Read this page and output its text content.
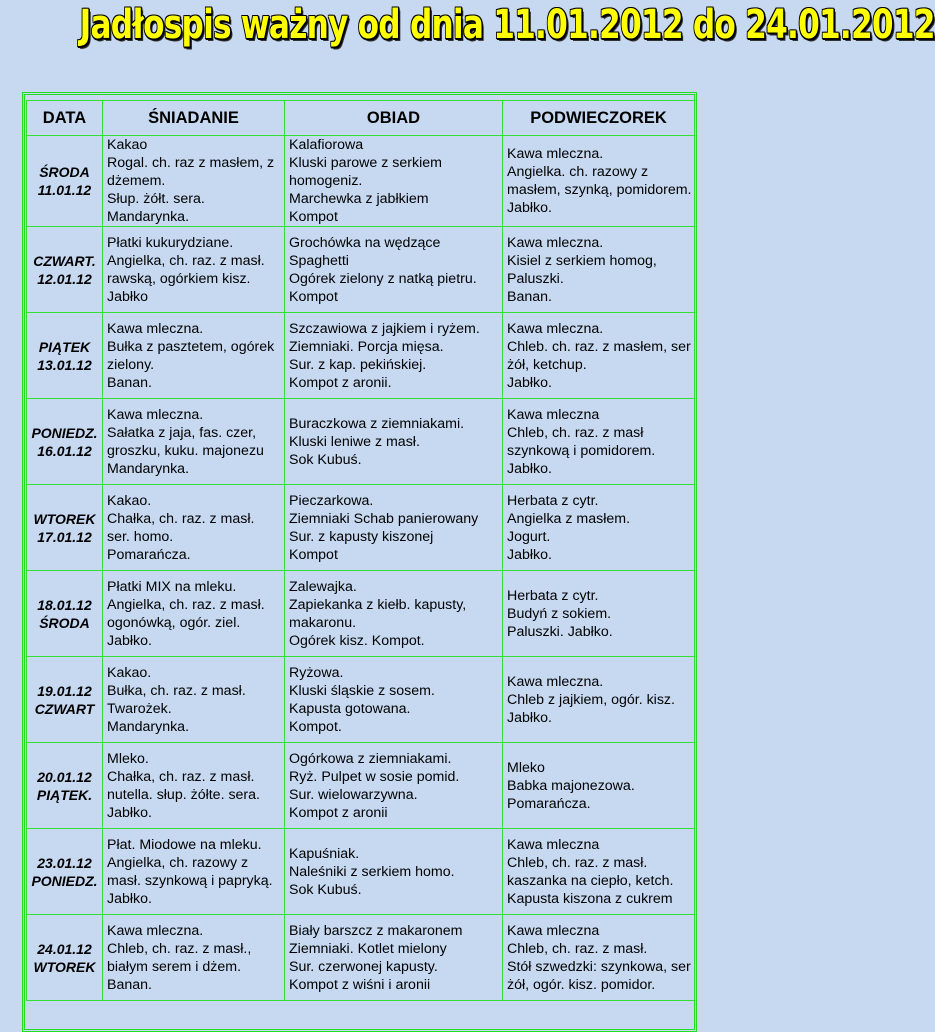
Jadłospis ważny od dnia 11.01.2012 do 24.01.2012
DATA	ŚNIADANIE	OBIAD	PODWIECZOREK
ŚRODA
11.01.12	Kakao
Rogal. ch. raz z masłem, z dżemem.
Słup. żółt. sera.
Mandarynka.	Kalafiorowa
Kluski parowe z serkiem homogeniz.
Marchewka z jabłkiem
Kompot	Kawa mleczna.
Angielka. ch. razowy z masłem, szynką, pomidorem.
Jabłko.
CZWART.
12.01.12	Płatki kukurydziane.
Angielka, ch. raz. z masł. rawską, ogórkiem kisz.
Jabłko	Grochówka na wędzące
Spaghetti
Ogórek zielony z natką pietru.
Kompot	Kawa mleczna.
Kisiel z serkiem homog,
Paluszki.
Banan.
PIĄTEK
13.01.12	Kawa mleczna.
Bułka z pasztetem, ogórek zielony.
Banan.	Szczawiowa z jajkiem i ryżem.
Ziemniaki. Porcja mięsa.
Sur. z kap. pekińskiej.
Kompot z aronii.	Kawa mleczna.
Chleb. ch. raz. z masłem, ser żół, ketchup.
Jabłko.
PONIEDZ.
16.01.12	Kawa mleczna.
Sałatka z jaja, fas. czer, groszku, kuku. majonezu
Mandarynka.	Buraczkowa z ziemniakami.
Kluski leniwe z masł.
Sok Kubuś.	Kawa mleczna
Chleb, ch. raz. z masł szynkową i pomidorem.
Jabłko.
WTOREK
17.01.12	Kakao.
Chałka, ch. raz. z masł.
ser. homo.
Pomarańcza.	Pieczarkowa.
Ziemniaki Schab panierowany
Sur. z kapusty kiszonej
Kompot	Herbata z cytr.
Angielka z masłem.
Jogurt.
Jabłko.
18.01.12
ŚRODA	Płatki MIX na mleku.
Angielka, ch. raz. z masł.
ogonówką, ogór. ziel.
Jabłko.	Zalewajka.
Zapiekanka z kiełb. kapusty, makaronu.
Ogórek kisz. Kompot.	Herbata z cytr.
Budyń z sokiem.
Paluszki. Jabłko.
19.01.12
CZWART	Kakao.
Bułka, ch. raz. z masł.
Twarożek.
Mandarynka.	Ryżowa.
Kluski śląskie z sosem.
Kapusta gotowana.
Kompot.	Kawa mleczna.
Chleb z jajkiem, ogór. kisz.
Jabłko.
20.01.12
PIĄTEK.	Mleko.
Chałka, ch. raz. z masł.
nutella. słup. żółte. sera.
Jabłko.	Ogórkowa z ziemniakami.
Ryż. Pulpet w sosie pomid.
Sur. wielowarzywna.
Kompot z aronii	Mleko
Babka majonezowa.
Pomarańcza.
23.01.12
PONIEDZ.	Płat. Miodowe na mleku.
Angielka, ch. razowy z masł. szynkową i papryką. Jabłko.	Kapuśniak.
Naleśniki z serkiem homo.
Sok Kubuś.	Kawa mleczna
Chleb, ch. raz. z masł.
kaszanka na ciepło, ketch.
Kapusta kiszona z cukrem
24.01.12
WTOREK	Kawa mleczna.
Chleb, ch. raz. z masł., białym serem i dżem.
Banan.	Biały barszcz z makaronem
Ziemniaki. Kotlet mielony
Sur. czerwonej kapusty.
Kompot z wiśni i aronii	Kawa mleczna
Chleb, ch. raz. z masł.
Stół szwedzki: szynkowa, ser żół, ogór. kisz. pomidor.
